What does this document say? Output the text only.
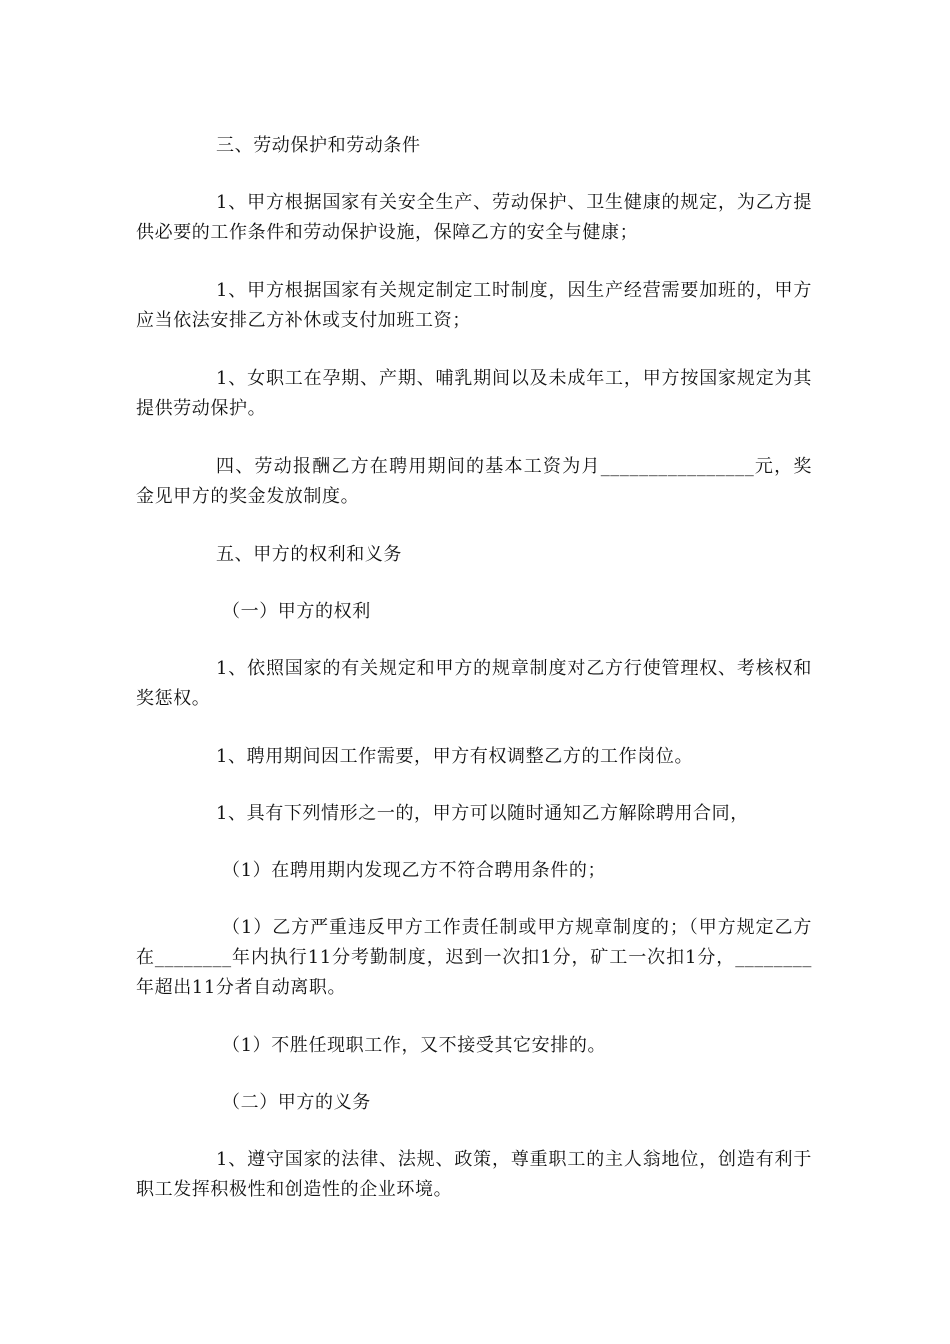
三、劳动保护和劳动条件

1、甲方根据国家有关安全生产、劳动保护、卫生健康的规定，为乙方提供必要的工作条件和劳动保护设施，保障乙方的安全与健康；

1、甲方根据国家有关规定制定工时制度，因生产经营需要加班的，甲方应当依法安排乙方补休或支付加班工资；

1、女职工在孕期、产期、哺乳期间以及未成年工，甲方按国家规定为其提供劳动保护。

四、劳动报酬乙方在聘用期间的基本工资为月________________元，奖金见甲方的奖金发放制度。

五、甲方的权利和义务

（一）甲方的权利

1、依照国家的有关规定和甲方的规章制度对乙方行使管理权、考核权和奖惩权。

1、聘用期间因工作需要，甲方有权调整乙方的工作岗位。

1、具有下列情形之一的，甲方可以随时通知乙方解除聘用合同，

（1）在聘用期内发现乙方不符合聘用条件的；

（1）乙方严重违反甲方工作责任制或甲方规章制度的；（甲方规定乙方在________年内执行11分考勤制度，迟到一次扣1分，矿工一次扣1分，________年超出11分者自动离职。

（1）不胜任现职工作，又不接受其它安排的。

（二）甲方的义务

1、遵守国家的法律、法规、政策，尊重职工的主人翁地位，创造有利于职工发挥积极性和创造性的企业环境。
